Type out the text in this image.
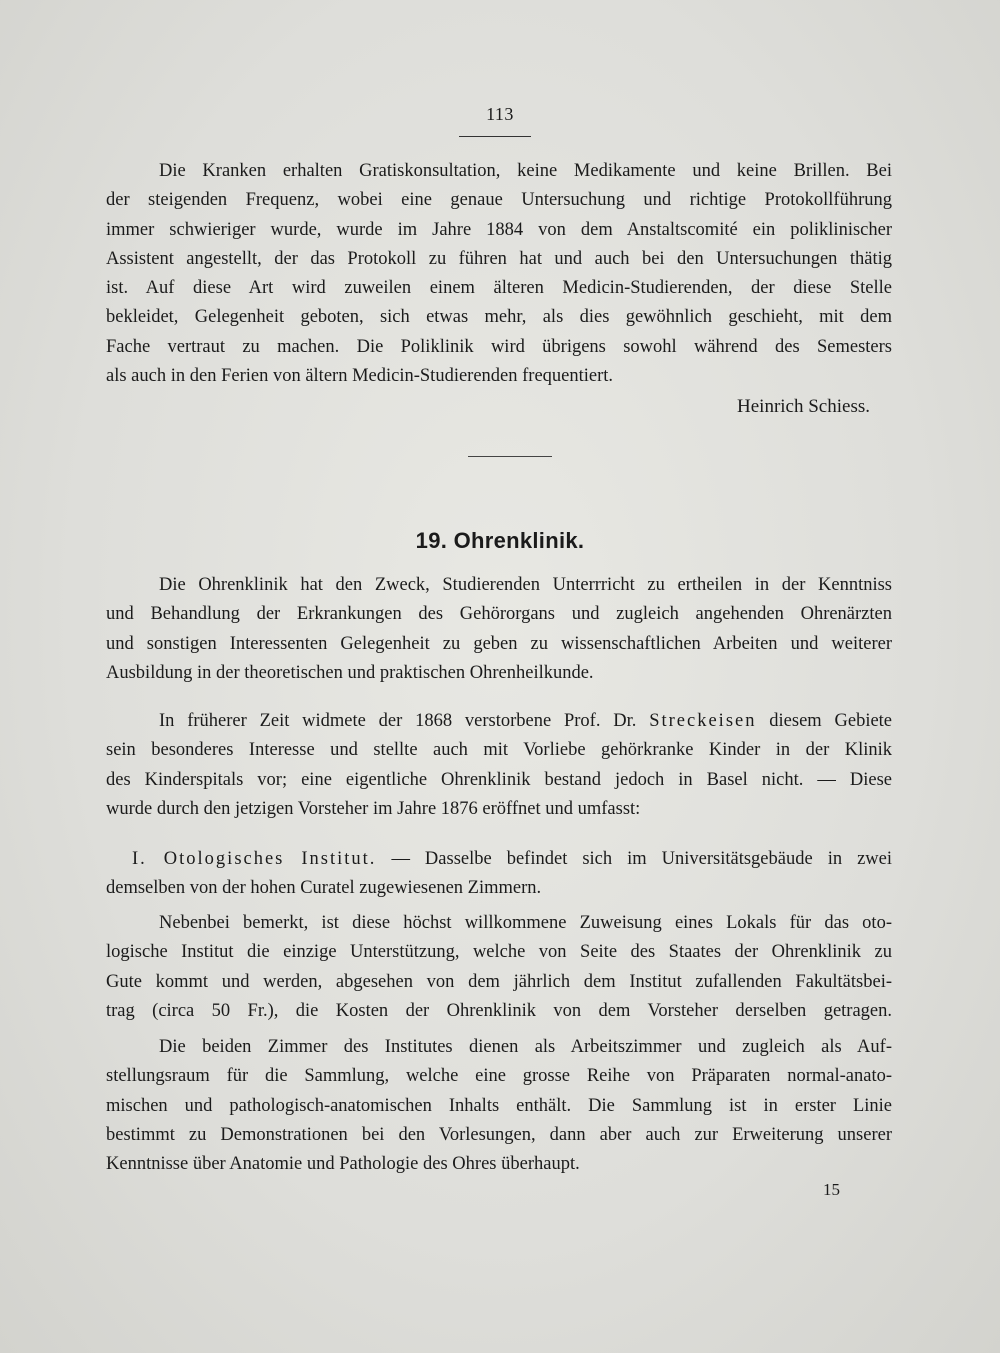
113
Die Kranken erhalten Gratiskonsultation, keine Medikamente und keine Brillen. Bei
der steigenden Frequenz, wobei eine genaue Untersuchung und richtige Protokollführung
immer schwieriger wurde, wurde im Jahre 1884 von dem Anstaltscomité ein poliklinischer
Assistent angestellt, der das Protokoll zu führen hat und auch bei den Untersuchungen thätig
ist. Auf diese Art wird zuweilen einem älteren Medicin-Studierenden, der diese Stelle
bekleidet, Gelegenheit geboten, sich etwas mehr, als dies gewöhnlich geschieht, mit dem
Fache vertraut zu machen. Die Poliklinik wird übrigens sowohl während des Semesters
als auch in den Ferien von ältern Medicin-Studierenden frequentiert.
Heinrich Schiess.
19. Ohrenklinik.
Die Ohrenklinik hat den Zweck, Studierenden Unterrricht zu ertheilen in der Kenntniss
und Behandlung der Erkrankungen des Gehörorgans und zugleich angehenden Ohrenärzten
und sonstigen Interessenten Gelegenheit zu geben zu wissenschaftlichen Arbeiten und weiterer
Ausbildung in der theoretischen und praktischen Ohrenheilkunde.
In früherer Zeit widmete der 1868 verstorbene Prof. Dr. Streckeisen diesem Gebiete
sein besonderes Interesse und stellte auch mit Vorliebe gehörkranke Kinder in der Klinik
des Kinderspitals vor; eine eigentliche Ohrenklinik bestand jedoch in Basel nicht. — Diese
wurde durch den jetzigen Vorsteher im Jahre 1876 eröffnet und umfasst:
I. Otologisches Institut. — Dasselbe befindet sich im Universitätsgebäude in zwei
demselben von der hohen Curatel zugewiesenen Zimmern.
Nebenbei bemerkt, ist diese höchst willkommene Zuweisung eines Lokals für das oto-
logische Institut die einzige Unterstützung, welche von Seite des Staates der Ohrenklinik zu
Gute kommt und werden, abgesehen von dem jährlich dem Institut zufallenden Fakultätsbei-
trag (circa 50 Fr.), die Kosten der Ohrenklinik von dem Vorsteher derselben getragen.
Die beiden Zimmer des Institutes dienen als Arbeitszimmer und zugleich als Auf-
stellungsraum für die Sammlung, welche eine grosse Reihe von Präparaten normal-anato-
mischen und pathologisch-anatomischen Inhalts enthält. Die Sammlung ist in erster Linie
bestimmt zu Demonstrationen bei den Vorlesungen, dann aber auch zur Erweiterung unserer
Kenntnisse über Anatomie und Pathologie des Ohres überhaupt.
15
